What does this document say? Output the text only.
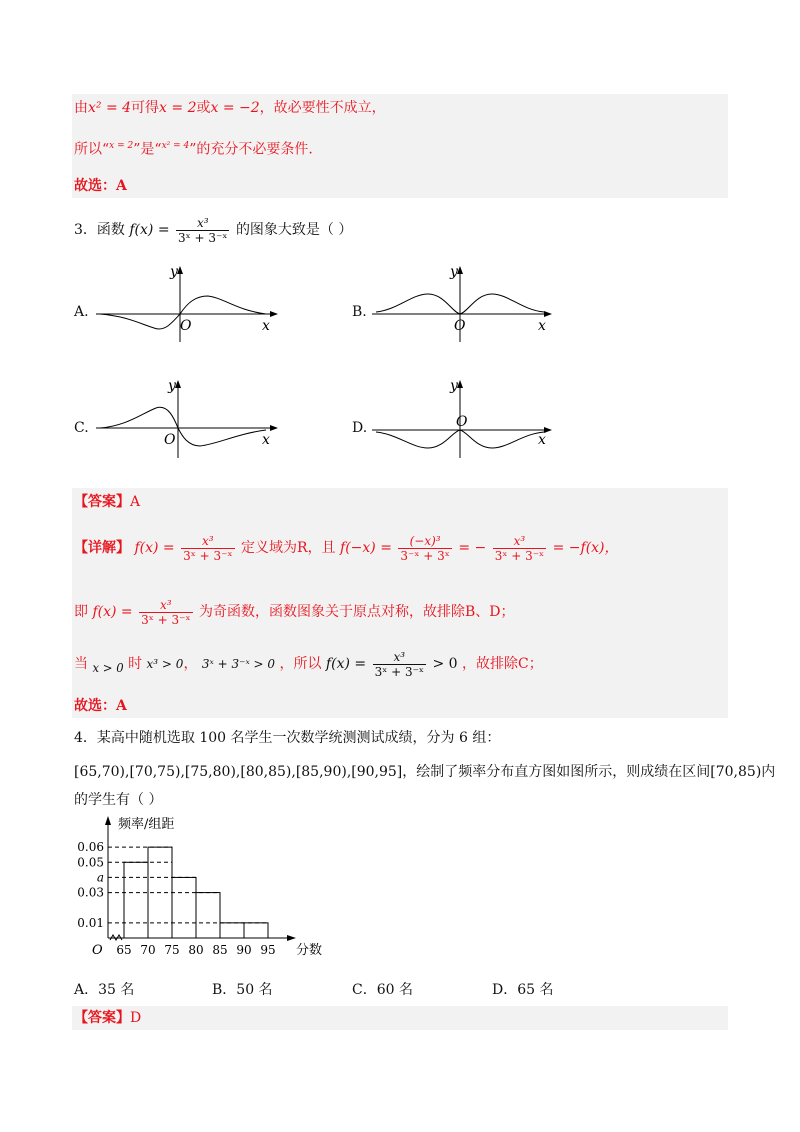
由x² = 4可得x = 2或x = −2，故必要性不成立，
所以“$^{x = 2}$”是“$^{x^2 = 4}$”的充分不必要条件.
故选：A
3．函数 $f(x) = \frac{\text{x³}}{\text{3ˣ + 3⁻ˣ}}$ 的图象大致是（ ）
A.
y
x
O
B.
y
x
O
C.
y
x
O
D.
y
x
O
【答案】A
【详解】 $f(x) = \frac{\text{x³}}{\text{3ˣ + 3⁻ˣ}}$ 定义域为R，且 $f(-x) = \frac{\text{(−x)³}}{\text{3⁻ˣ + 3ˣ}}$ = − $\frac{\text{x³}}{\text{3ˣ + 3⁻ˣ}} = -f(x)$，
即 $f(x) = \frac{\text{x³}}{\text{3ˣ + 3⁻ˣ}}$ 为奇函数，函数图象关于原点对称，故排除B、D；
当 $_{x > 0}$ 时 x³ > 0， 3ˣ + 3⁻ˣ > 0 ，所以 $f(x) = \frac{\text{x³}}{\text{3ˣ + 3⁻ˣ}} > 0$ ，故排除C；
故选：A
4．某高中随机选取 100 名学生一次数学统测测试成绩，分为 6 组：
[65,70),[70,75),[75,80),[80,85),[85,90),[90,95]，绘制了频率分布直方图如图所示，则成绩在区间[70,85)内
的学生有（ ）
频率/组距
分数
O
0.06
0.05
a
0.03
0.01
65 70 75 80 85 90 95
A．35 名	B．50 名	C．60 名	D．65 名
【答案】D
